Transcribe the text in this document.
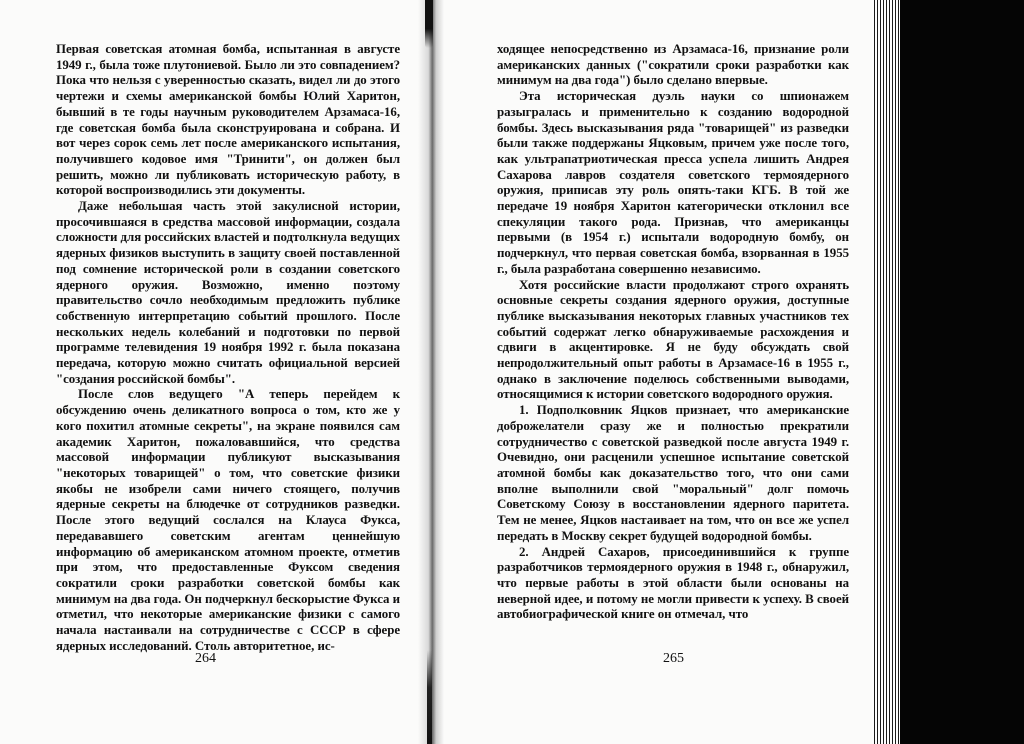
Первая советская атомная бомба, испытанная в августе 1949 г., была тоже плутониевой. Было ли это совпадением? Пока что нельзя с уверенностью сказать, видел ли до этого чертежи и схемы американской бомбы Юлий Харитон, бывший в те годы научным руководителем Арзамаса-16, где советская бомба была сконструирована и собрана. И вот через сорок семь лет после американского испытания, получившего кодовое имя "Тринити", он должен был решить, можно ли публиковать историческую работу, в которой воспроизводились эти документы.

Даже небольшая часть этой закулисной истории, просочившаяся в средства массовой информации, создала сложности для российских властей и подтолкнула ведущих ядерных физиков выступить в защиту своей поставленной под сомнение исторической роли в создании советского ядерного оружия. Возможно, именно поэтому правительство сочло необходимым предложить публике собственную интерпретацию событий прошлого. После нескольких недель колебаний и подготовки по первой программе телевидения 19 ноября 1992 г. была показана передача, которую можно считать официальной версией "создания российской бомбы".

После слов ведущего "А теперь перейдем к обсуждению очень деликатного вопроса о том, кто же у кого похитил атомные секреты", на экране появился сам академик Харитон, пожаловавшийся, что средства массовой информации публикуют высказывания "некоторых товарищей" о том, что советские физики якобы не изобрели сами ничего стоящего, получив ядерные секреты на блюдечке от сотрудников разведки. После этого ведущий сослался на Клауса Фукса, передававшего советским агентам ценнейшую информацию об американском атомном проекте, отметив при этом, что предоставленные Фуксом сведения сократили сроки разработки советской бомбы как минимум на два года. Он подчеркнул бескорыстие Фукса и отметил, что некоторые американские физики с самого начала настаивали на сотрудничестве с СССР в сфере ядерных исследований. Столь авторитетное, ис-

264

ходящее непосредственно из Арзамаса-16, признание роли американских данных ("сократили сроки разработки как минимум на два года") было сделано впервые.

Эта историческая дуэль науки со шпионажем разыгралась и применительно к созданию водородной бомбы. Здесь высказывания ряда "товарищей" из разведки были также поддержаны Яцковым, причем уже после того, как ультрапатриотическая пресса успела лишить Андрея Сахарова лавров создателя советского термоядерного оружия, приписав эту роль опять-таки КГБ. В той же передаче 19 ноября Харитон категорически отклонил все спекуляции такого рода. Признав, что американцы первыми (в 1954 г.) испытали водородную бомбу, он подчеркнул, что первая советская бомба, взорванная в 1955 г., была разработана совершенно независимо.

Хотя российские власти продолжают строго охранять основные секреты создания ядерного оружия, доступные публике высказывания некоторых главных участников тех событий содержат легко обнаруживаемые расхождения и сдвиги в акцентировке. Я не буду обсуждать свой непродолжительный опыт работы в Арзамасе-16 в 1955 г., однако в заключение поделюсь собственными выводами, относящимися к истории советского водородного оружия.

1. Подполковник Яцков признает, что американские доброжелатели сразу же и полностью прекратили сотрудничество с советской разведкой после августа 1949 г. Очевидно, они расценили успешное испытание советской атомной бомбы как доказательство того, что они сами вполне выполнили свой "моральный" долг помочь Советскому Союзу в восстановлении ядерного паритета. Тем не менее, Яцков настаивает на том, что он все же успел передать в Москву секрет будущей водородной бомбы.

2. Андрей Сахаров, присоединившийся к группе разработчиков термоядерного оружия в 1948 г., обнаружил, что первые работы в этой области были основаны на неверной идее, и потому не могли привести к успеху. В своей автобиографической книге он отмечал, что

265
